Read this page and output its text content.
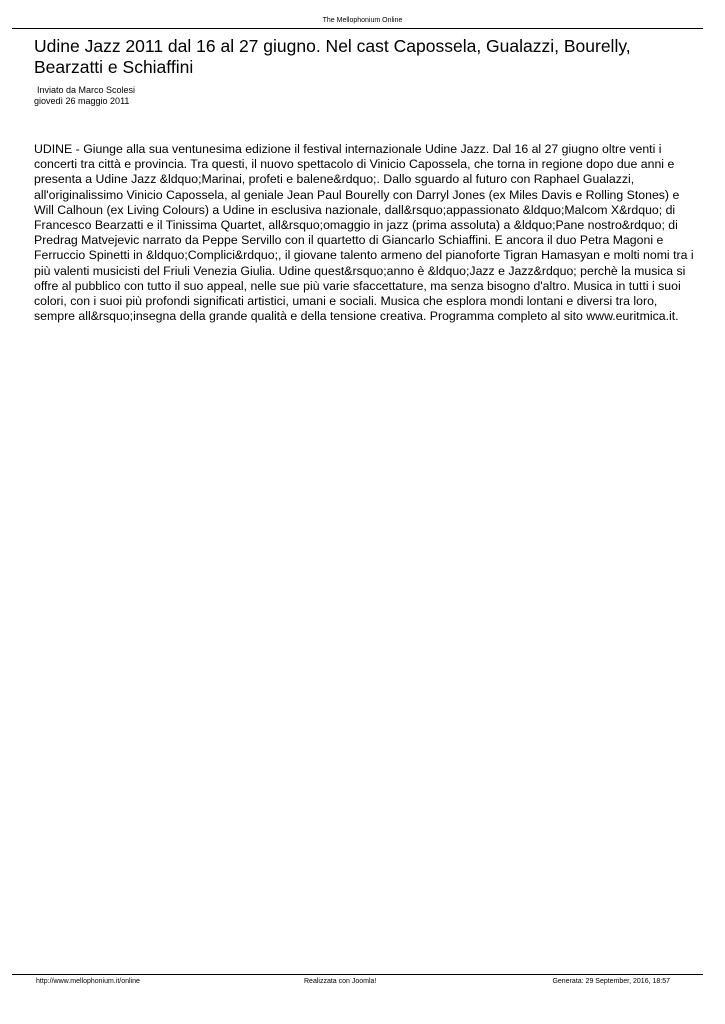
The Mellophonium Online
Udine Jazz 2011 dal 16 al 27 giugno. Nel cast Capossela, Gualazzi, Bourelly, Bearzatti e Schiaffini
Inviato da Marco Scolesi
giovedì 26 maggio 2011

UDINE - Giunge alla sua ventunesima edizione il festival internazionale Udine Jazz. Dal 16 al 27 giugno oltre venti i concerti tra città e provincia. Tra questi, il nuovo spettacolo di Vinicio Capossela, che torna in regione dopo due anni e presenta a Udine Jazz &ldquo;Marinai, profeti e balene&rdquo;. Dallo sguardo al futuro con Raphael Gualazzi, all'originalissimo Vinicio Capossela, al geniale Jean Paul Bourelly con Darryl Jones (ex Miles Davis e Rolling Stones) e Will Calhoun (ex Living Colours) a Udine in esclusiva nazionale, dall&rsquo;appassionato &ldquo;Malcom X&rdquo; di Francesco Bearzatti e il Tinissima Quartet, all&rsquo;omaggio in jazz (prima assoluta) a &ldquo;Pane nostro&rdquo; di Predrag Matvejevic narrato da Peppe Servillo con il quartetto di Giancarlo Schiaffini. E ancora il duo Petra Magoni e Ferruccio Spinetti in &ldquo;Complici&rdquo;, il giovane talento armeno del pianoforte Tigran Hamasyan e molti nomi tra i più valenti musicisti del Friuli Venezia Giulia. Udine quest&rsquo;anno è &ldquo;Jazz e Jazz&rdquo; perchè la musica si offre al pubblico con tutto il suo appeal, nelle sue più varie sfaccettature, ma senza bisogno d'altro. Musica in tutti i suoi colori, con i suoi più profondi significati artistici, umani e sociali. Musica che esplora mondi lontani e diversi tra loro, sempre all&rsquo;insegna della grande qualità e della tensione creativa. Programma completo al sito www.euritmica.it.

http://www.mellophonium.it/online	Realizzata con Joomla!	Generata: 29 September, 2016, 18:57
